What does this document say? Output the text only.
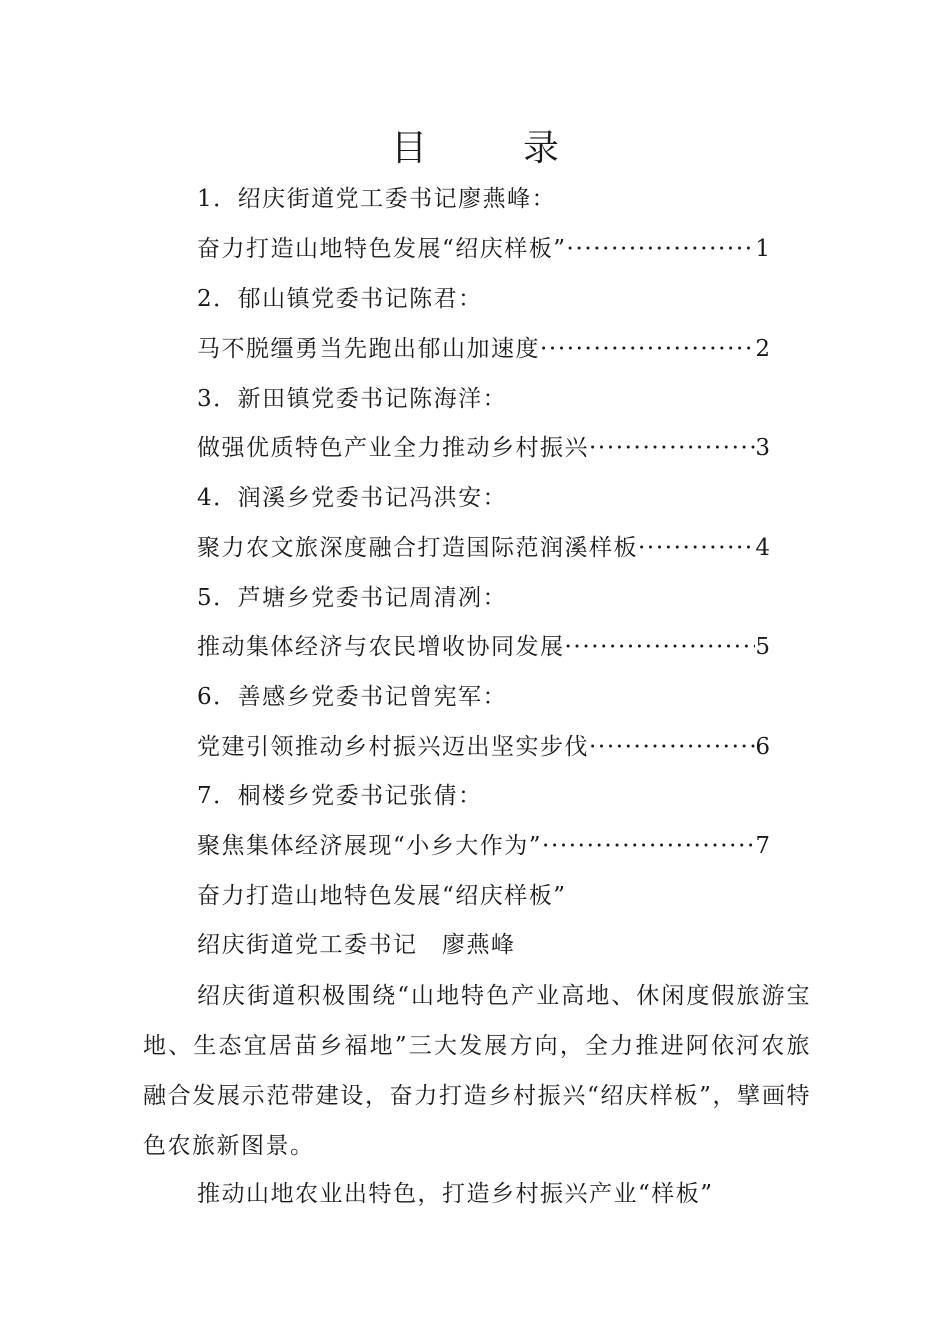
目　录
1．绍庆街道党工委书记廖燕峰：
奋力打造山地特色发展“绍庆样板” ·····	1
2．郁山镇党委书记陈君：
马不脱缰勇当先跑出郁山加速度 ·····	2
3．新田镇党委书记陈海洋：
做强优质特色产业全力推动乡村振兴 ·····	3
4．润溪乡党委书记冯洪安：
聚力农文旅深度融合打造国际范润溪样板 ·····	4
5．芦塘乡党委书记周清冽：
推动集体经济与农民增收协同发展 ·····	5
6．善感乡党委书记曾宪军：
党建引领推动乡村振兴迈出坚实步伐 ·····	6
7．桐楼乡党委书记张倩：
聚焦集体经济展现“小乡大作为” ·····	7
奋力打造山地特色发展“绍庆样板”
绍庆街道党工委书记　廖燕峰
绍庆街道积极围绕“山地特色产业高地、休闲度假旅游宝地、生态宜居苗乡福地”三大发展方向，全力推进阿依河农旅融合发展示范带建设，奋力打造乡村振兴“绍庆样板”，擘画特色农旅新图景。
推动山地农业出特色，打造乡村振兴产业“样板”
